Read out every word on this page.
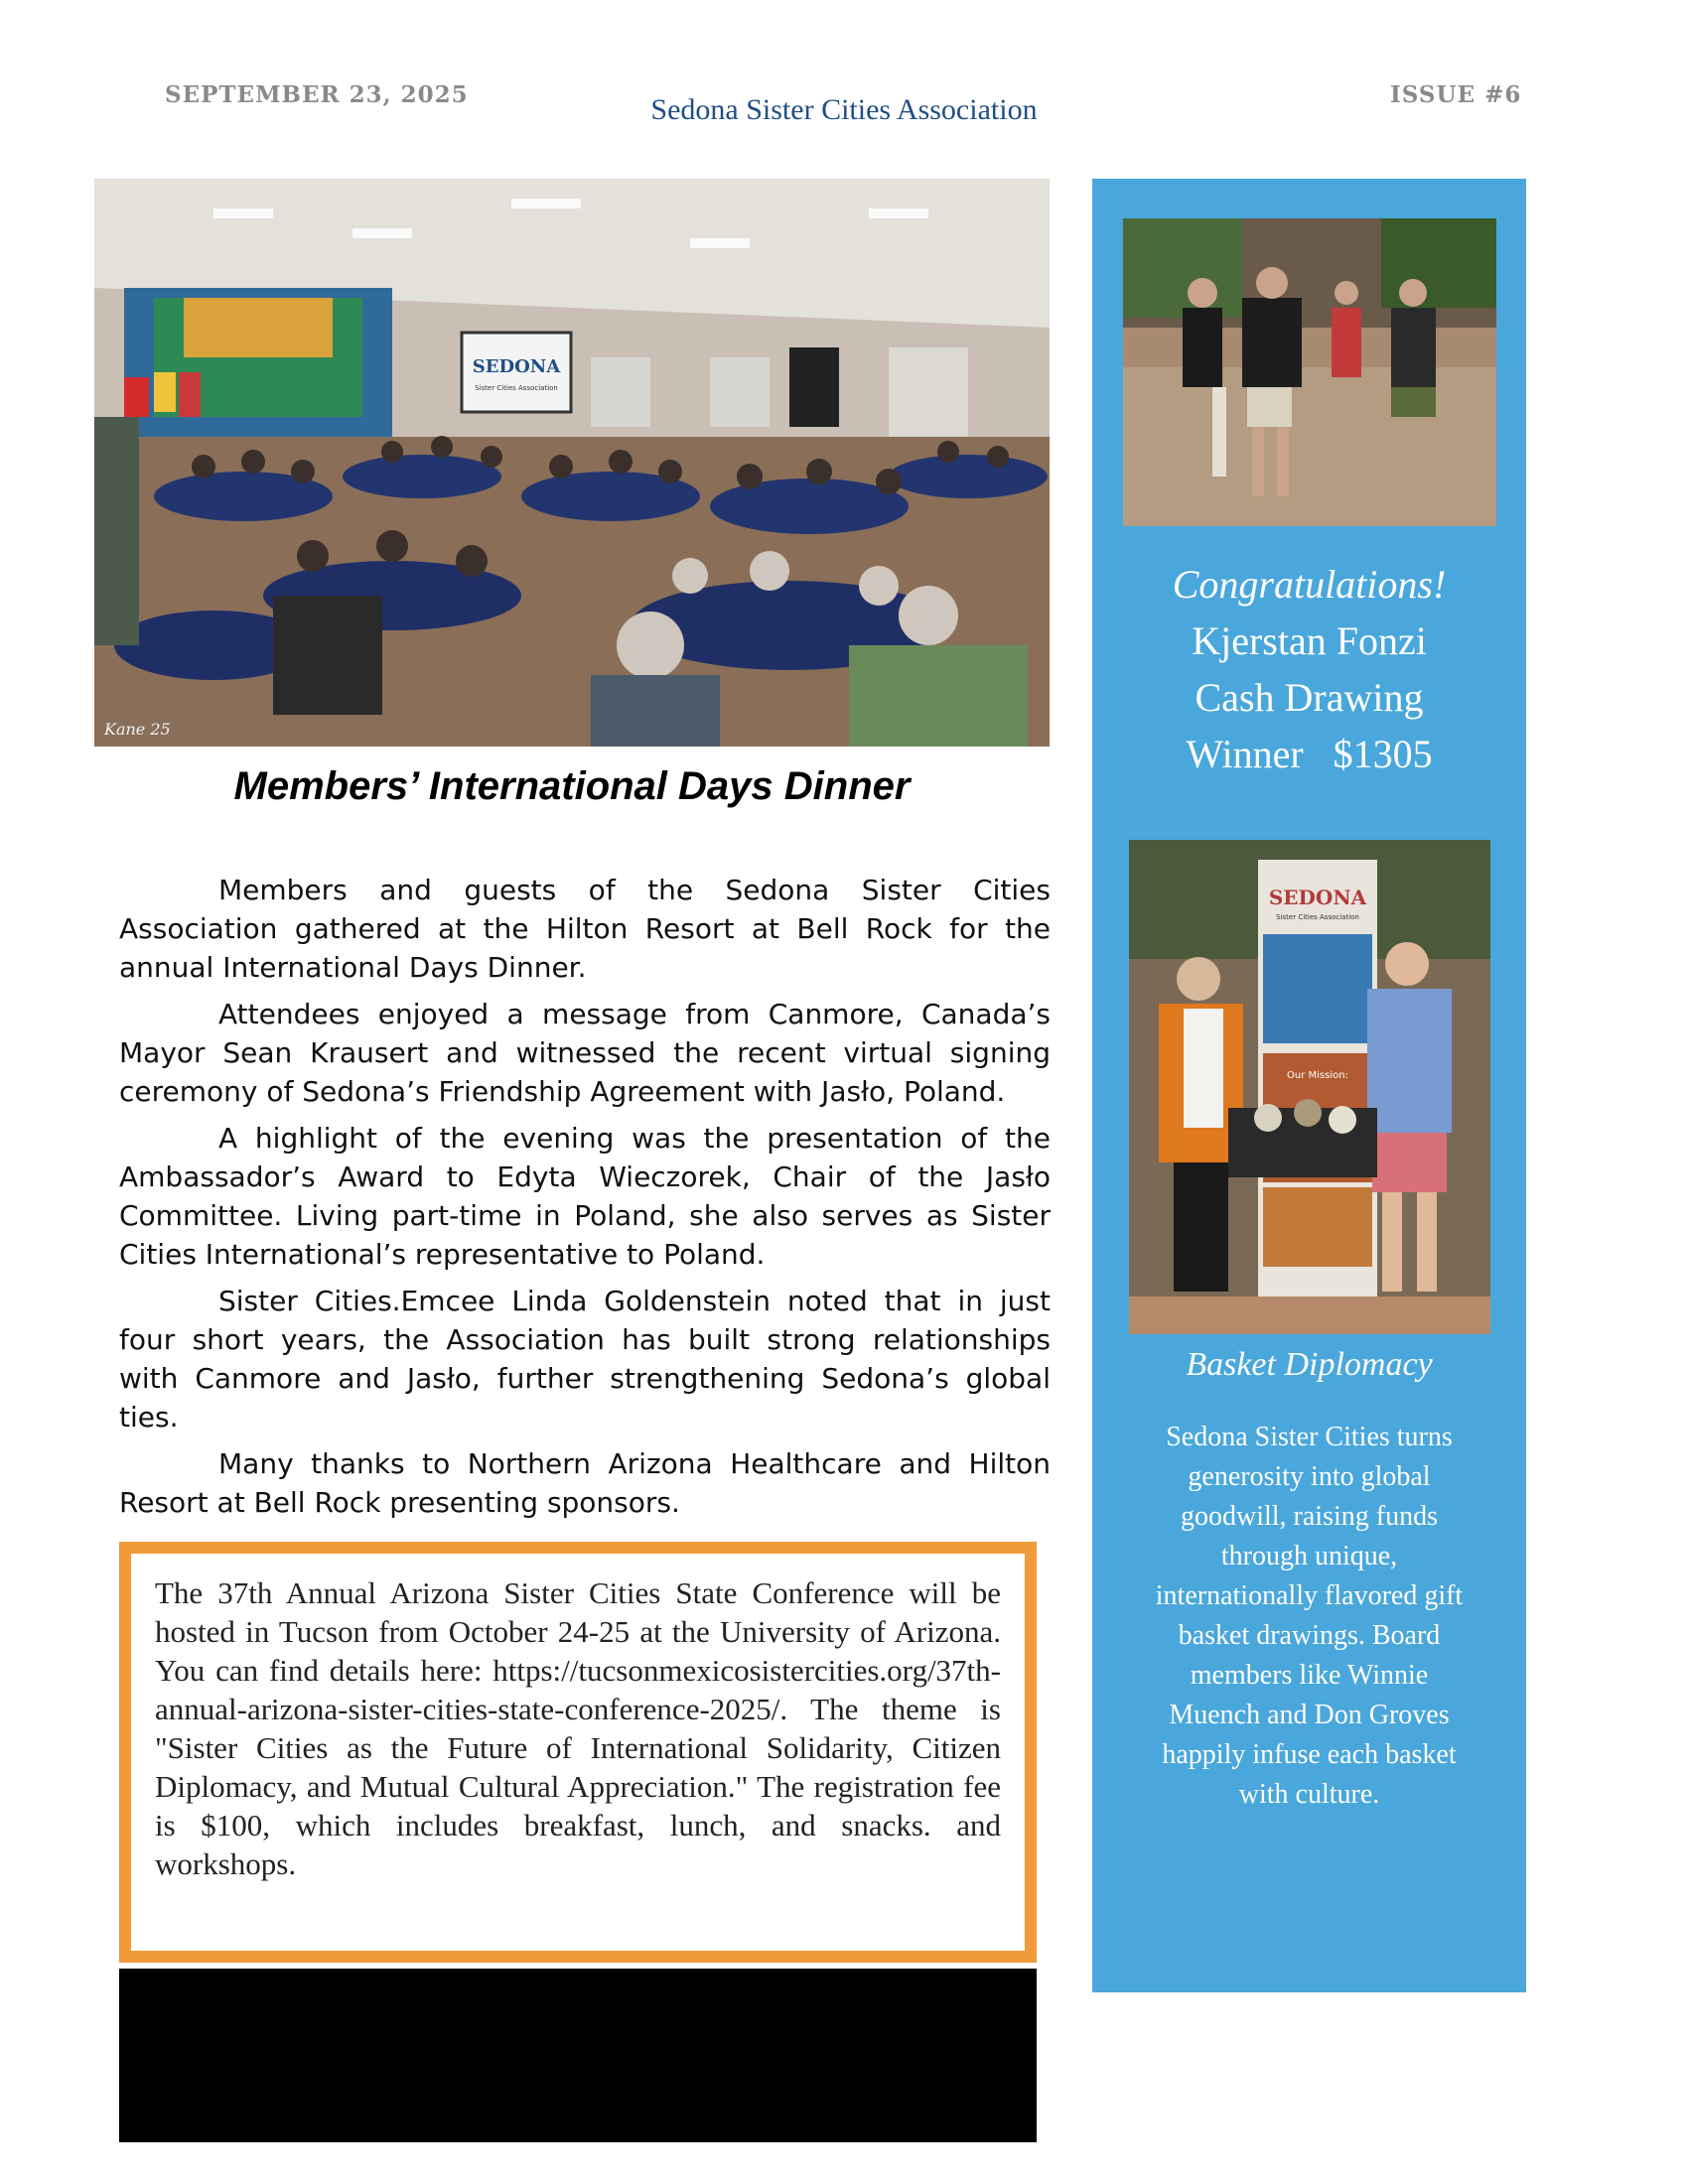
SEPTEMBER 23, 2025	Sedona Sister Cities Association	ISSUE #6
SEDONA
Sister Cities Association
Kane 25
Members’ International Days Dinner

Members and guests of the Sedona Sister Cities Association gathered at the Hilton Resort at Bell Rock for the annual International Days Dinner.

Attendees enjoyed a message from Canmore, Canada’s Mayor Sean Krausert and witnessed the recent virtual signing ceremony of Sedona’s Friendship Agreement with Jasło, Poland.

A highlight of the evening was the presentation of the Ambassador’s Award to Edyta Wieczorek, Chair of the Jasło Committee. Living part-time in Poland, she also serves as Sister Cities International’s representative to Poland.

Sister Cities.Emcee Linda Goldenstein noted that in just four short years, the Association has built strong relationships with Canmore and Jasło, further strengthening Sedona’s global ties.

Many thanks to Northern Arizona Healthcare and Hilton Resort at Bell Rock presenting sponsors.

The 37th Annual Arizona Sister Cities State Conference will be hosted in Tucson from October 24-25 at the University of Arizona. You can find details here: https://tucsonmexicosistercities.org/37th-annual-arizona-sister-cities-state-conference-2025/. The theme is "Sister Cities as the Future of International Solidarity, Citizen Diplomacy, and Mutual Cultural Appreciation." The registration fee is $100, which includes breakfast, lunch, and snacks. and workshops.
Congratulations!
Kjerstan Fonzi
Cash Drawing
Winner   $1305
SEDONA
Sister Cities Association
Our Mission:
Basket Diplomacy
Sedona Sister Cities turns generosity into global goodwill, raising funds through unique, internationally flavored gift basket drawings. Board members like Winnie Muench and Don Groves happily infuse each basket with culture.
